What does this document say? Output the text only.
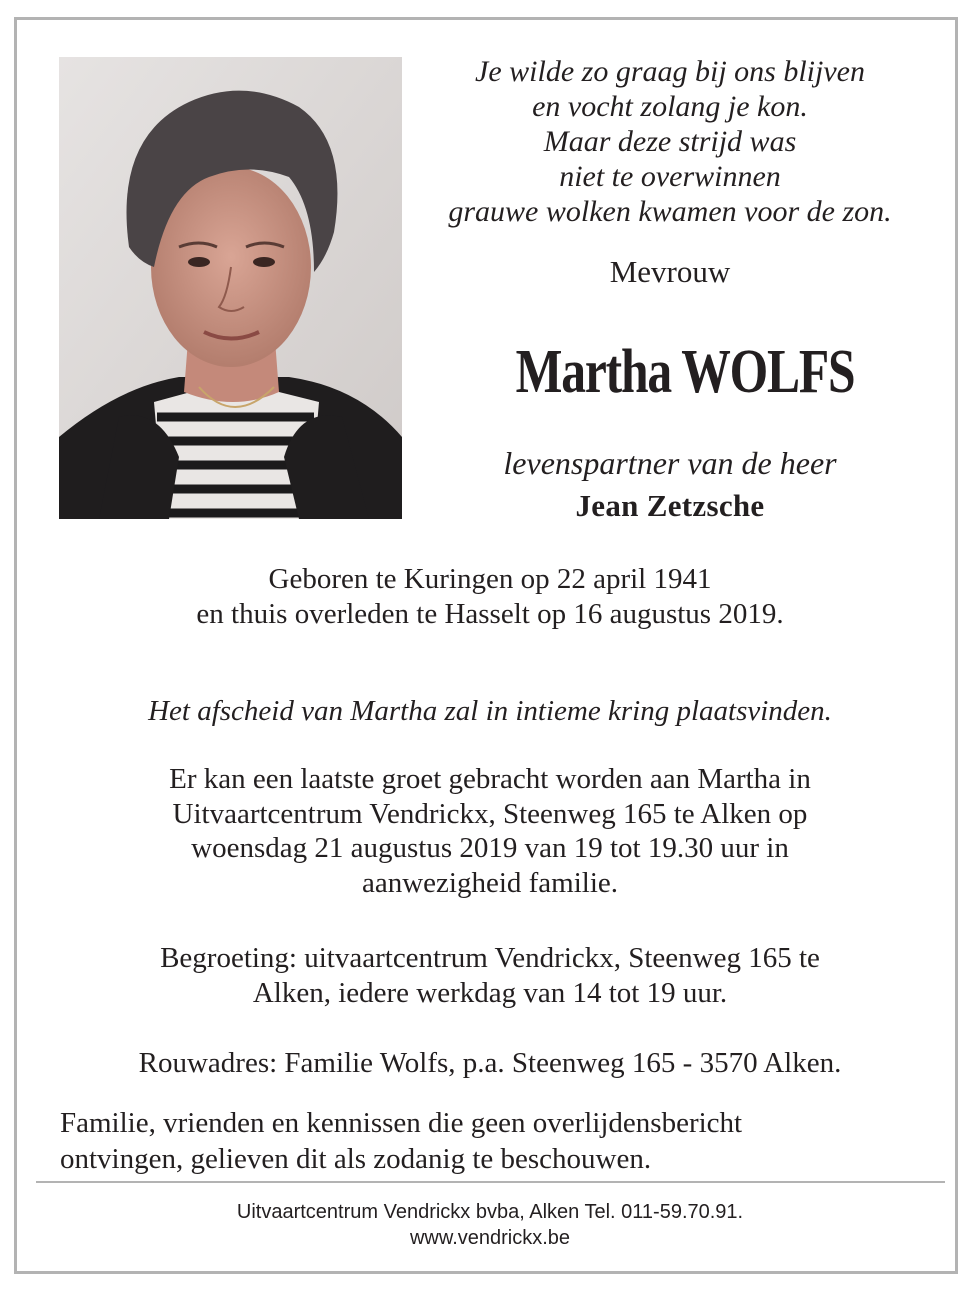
Je wilde zo graag bij ons blijven
en vocht zolang je kon.
Maar deze strijd was
niet te overwinnen
grauwe wolken kwamen voor de zon.
Mevrouw
Martha WOLFS
levenspartner van de heer
Jean Zetzsche
Geboren te Kuringen op 22 april 1941
en thuis overleden te Hasselt op 16 augustus 2019.
Het afscheid van Martha zal in intieme kring plaatsvinden.
Er kan een laatste groet gebracht worden aan Martha in
Uitvaartcentrum Vendrickx, Steenweg 165 te Alken op
woensdag 21 augustus 2019 van 19 tot 19.30 uur in
aanwezigheid familie.
Begroeting: uitvaartcentrum Vendrickx, Steenweg 165 te
Alken, iedere werkdag van 14 tot 19 uur.
Rouwadres: Familie Wolfs, p.a. Steenweg 165 - 3570 Alken.
Familie, vrienden en kennissen die geen overlijdensbericht
ontvingen, gelieven dit als zodanig te beschouwen.
Uitvaartcentrum Vendrickx bvba, Alken Tel. 011-59.70.91.
www.vendrickx.be
